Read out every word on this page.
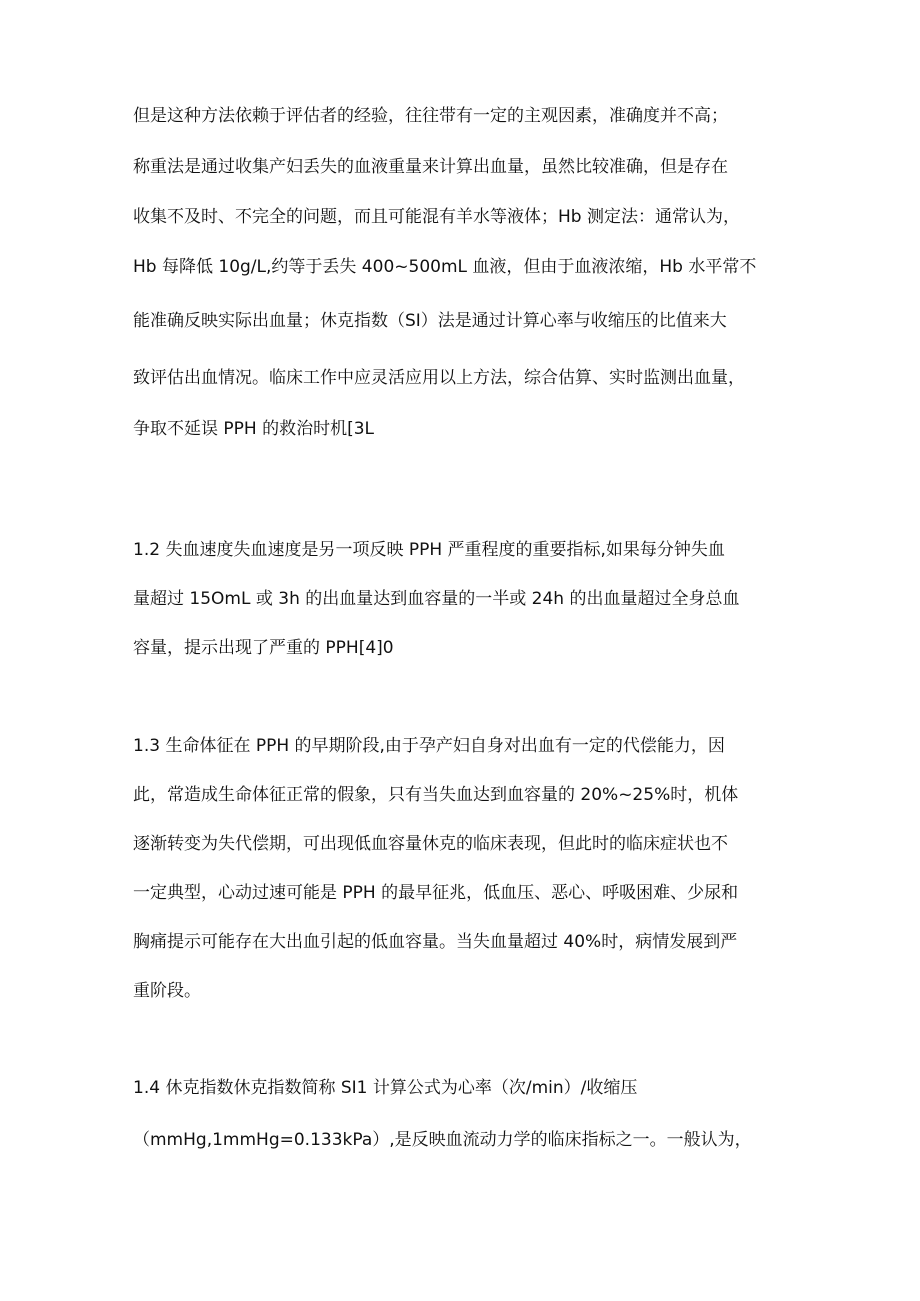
但是这种方法依赖于评估者的经验，往往带有一定的主观因素，准确度并不高；
称重法是通过收集产妇丢失的血液重量来计算出血量，虽然比较准确，但是存在
收集不及时、不完全的问题，而且可能混有羊水等液体；Hb 测定法：通常认为，
Hb 每降低 10g/L,约等于丢失 400~500mL 血液，但由于血液浓缩，Hb 水平常不
能准确反映实际出血量；休克指数（SI）法是通过计算心率与收缩压的比值来大
致评估出血情况。临床工作中应灵活应用以上方法，综合估算、实时监测出血量，
争取不延误 PPH 的救治时机[3L
1.2 失血速度失血速度是另一项反映 PPH 严重程度的重要指标,如果每分钟失血
量超过 15OmL 或 3h 的出血量达到血容量的一半或 24h 的出血量超过全身总血
容量，提示出现了严重的 PPH[4]0
1.3 生命体征在 PPH 的早期阶段,由于孕产妇自身对出血有一定的代偿能力，因
此，常造成生命体征正常的假象，只有当失血达到血容量的 20%~25%时，机体
逐渐转变为失代偿期，可出现低血容量休克的临床表现，但此时的临床症状也不
一定典型，心动过速可能是 PPH 的最早征兆，低血压、恶心、呼吸困难、少尿和
胸痛提示可能存在大出血引起的低血容量。当失血量超过 40%时，病情发展到严
重阶段。
1.4 休克指数休克指数简称 SI1 计算公式为心率（次/min）/收缩压
（mmHg,1mmHg=0.133kPa）,是反映血流动力学的临床指标之一。一般认为，
